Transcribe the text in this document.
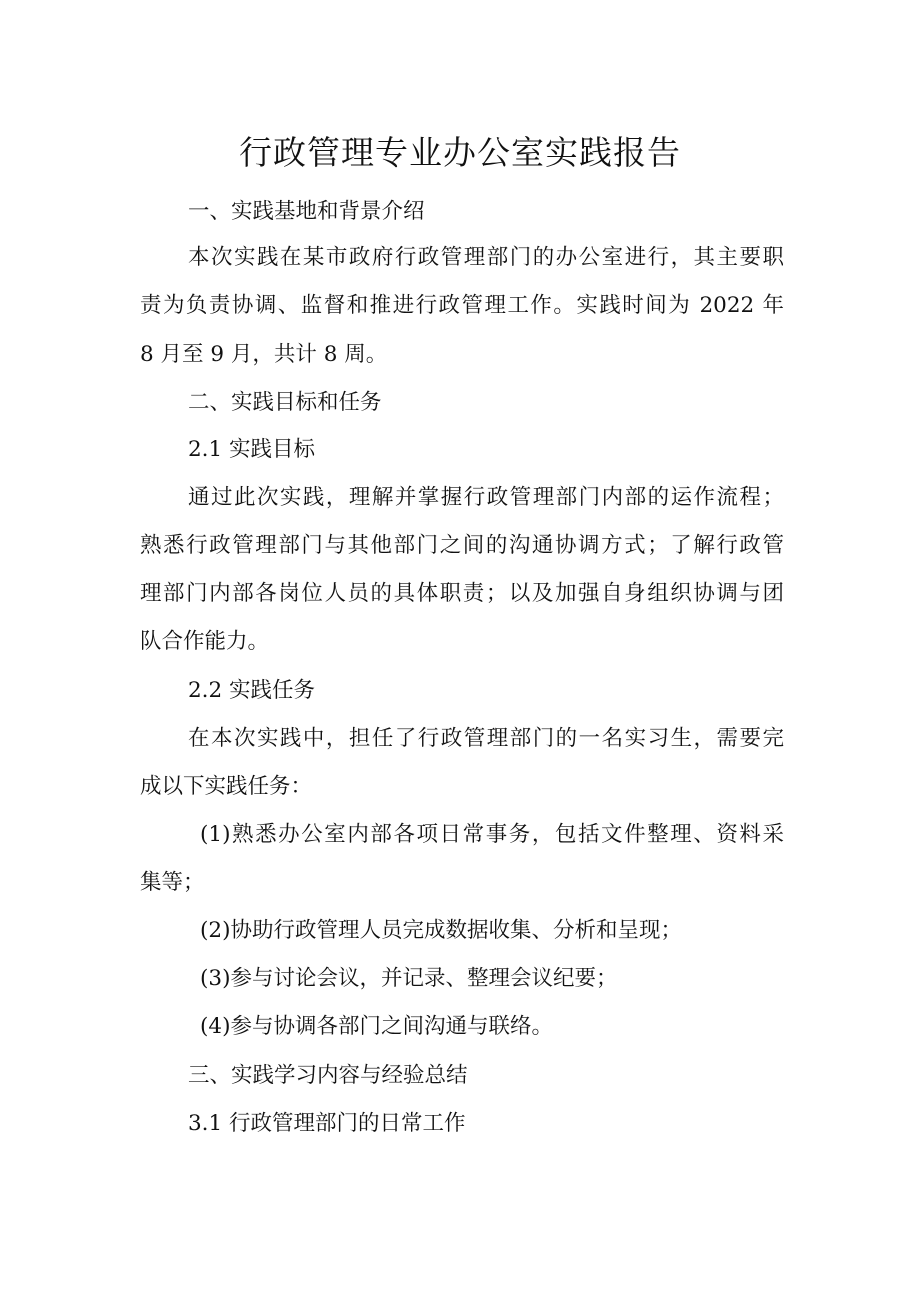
行政管理专业办公室实践报告

一、实践基地和背景介绍

本次实践在某市政府行政管理部门的办公室进行，其主要职

责为负责协调、监督和推进行政管理工作。实践时间为 2022 年

8 月至 9 月，共计 8 周。

二、实践目标和任务

2.1 实践目标

通过此次实践，理解并掌握行政管理部门内部的运作流程；

熟悉行政管理部门与其他部门之间的沟通协调方式；了解行政管

理部门内部各岗位人员的具体职责；以及加强自身组织协调与团

队合作能力。

2.2 实践任务

在本次实践中，担任了行政管理部门的一名实习生，需要完

成以下实践任务：

(1)熟悉办公室内部各项日常事务，包括文件整理、资料采

集等；

(2)协助行政管理人员完成数据收集、分析和呈现；

(3)参与讨论会议，并记录、整理会议纪要；

(4)参与协调各部门之间沟通与联络。

三、实践学习内容与经验总结

3.1 行政管理部门的日常工作
